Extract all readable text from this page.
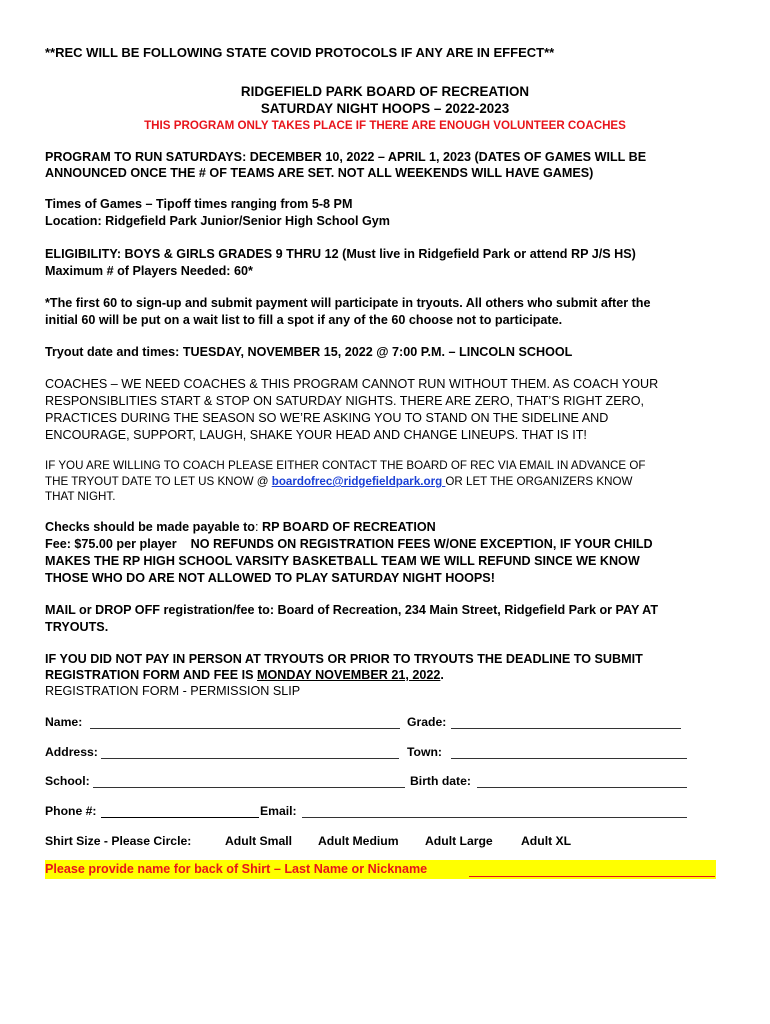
**REC WILL BE FOLLOWING STATE COVID PROTOCOLS IF ANY ARE IN EFFECT**
RIDGEFIELD PARK BOARD OF RECREATION
SATURDAY NIGHT HOOPS – 2022-2023
THIS PROGRAM ONLY TAKES PLACE IF THERE ARE ENOUGH VOLUNTEER COACHES
PROGRAM TO RUN SATURDAYS: DECEMBER 10, 2022 – APRIL 1, 2023 (DATES OF GAMES WILL BE
ANNOUNCED ONCE THE # OF TEAMS ARE SET. NOT ALL WEEKENDS WILL HAVE GAMES)
Times of Games – Tipoff times ranging from 5-8 PM
Location: Ridgefield Park Junior/Senior High School Gym
ELIGIBILITY: BOYS & GIRLS GRADES 9 THRU 12 (Must live in Ridgefield Park or attend RP J/S HS)
Maximum # of Players Needed: 60*
*The first 60 to sign-up and submit payment will participate in tryouts. All others who submit after the
initial 60 will be put on a wait list to fill a spot if any of the 60 choose not to participate.
Tryout date and times: TUESDAY, NOVEMBER 15, 2022 @ 7:00 P.M. – LINCOLN SCHOOL
COACHES – WE NEED COACHES & THIS PROGRAM CANNOT RUN WITHOUT THEM. AS COACH YOUR
RESPONSIBLITIES START & STOP ON SATURDAY NIGHTS. THERE ARE ZERO, THAT’S RIGHT ZERO,
PRACTICES DURING THE SEASON SO WE’RE ASKING YOU TO STAND ON THE SIDELINE AND
ENCOURAGE, SUPPORT, LAUGH, SHAKE YOUR HEAD AND CHANGE LINEUPS. THAT IS IT!
IF YOU ARE WILLING TO COACH PLEASE EITHER CONTACT THE BOARD OF REC VIA EMAIL IN ADVANCE OF
THE TRYOUT DATE TO LET US KNOW @ boardofrec@ridgefieldpark.org OR LET THE ORGANIZERS KNOW
THAT NIGHT.
Checks should be made payable to: RP BOARD OF RECREATION
Fee: $75.00 per player    NO REFUNDS ON REGISTRATION FEES W/ONE EXCEPTION, IF YOUR CHILD
MAKES THE RP HIGH SCHOOL VARSITY BASKETBALL TEAM WE WILL REFUND SINCE WE KNOW
THOSE WHO DO ARE NOT ALLOWED TO PLAY SATURDAY NIGHT HOOPS!
MAIL or DROP OFF registration/fee to: Board of Recreation, 234 Main Street, Ridgefield Park or PAY AT
TRYOUTS.
IF YOU DID NOT PAY IN PERSON AT TRYOUTS OR PRIOR TO TRYOUTS THE DEADLINE TO SUBMIT
REGISTRATION FORM AND FEE IS MONDAY NOVEMBER 21, 2022.
REGISTRATION FORM - PERMISSION SLIP
Name:	Grade:
Address:	Town:
School:	Birth date:
Phone #:	Email:
Shirt Size - Please Circle:	Adult Small Adult Medium Adult Large Adult XL
Please provide name for back of Shirt – Last Name or Nickname
